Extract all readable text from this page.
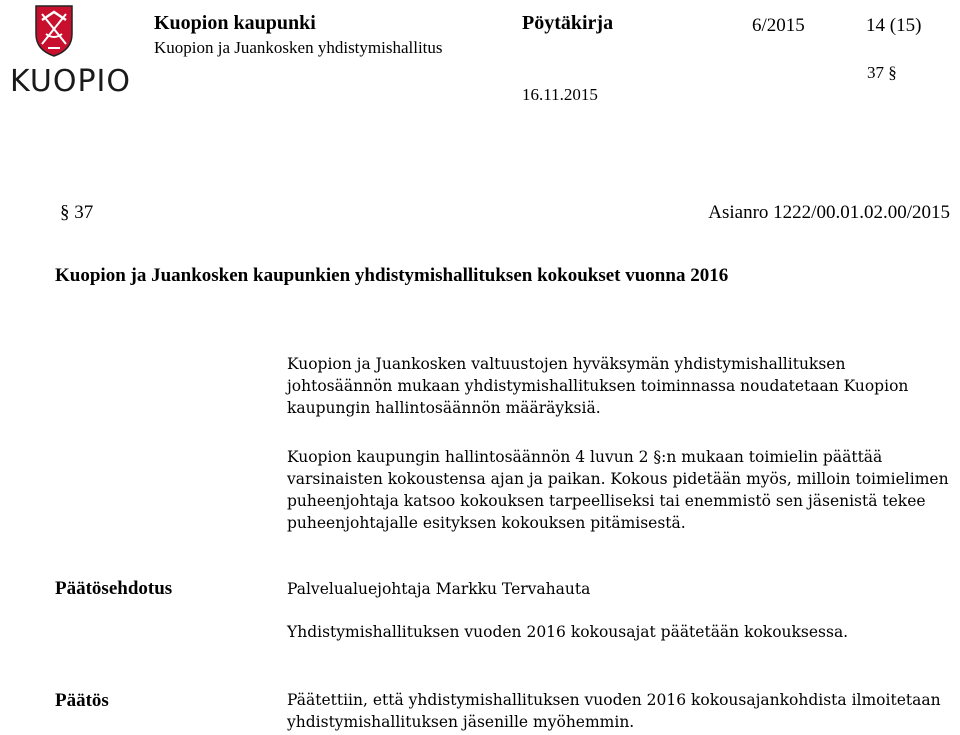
KUOPIO
Kuopion kaupunki	Pöytäkirja	6/2015	14 (15)
Kuopion ja Juankosken yhdistymishallitus
37 §
16.11.2015
§ 37	Asianro 1222/00.01.02.00/2015
Kuopion ja Juankosken kaupunkien yhdistymishallituksen kokoukset vuonna 2016

Kuopion ja Juankosken valtuustojen hyväksymän yhdistymishallituksen johtosäännön mukaan yhdistymishallituksen toiminnassa noudatetaan Kuopion kaupungin hallintosäännön määräyksiä.

Kuopion kaupungin hallintosäännön 4 luvun 2 §:n mukaan toimielin päättää varsinaisten kokoustensa ajan ja paikan. Kokous pidetään myös, milloin toimielimen puheenjohtaja katsoo kokouksen tarpeelliseksi tai enemmistö sen jäsenistä tekee puheenjohtajalle esityksen kokouksen pitämisestä.

Päätösehdotus	Palvelualuejohtaja Markku Tervahauta
Yhdistymishallituksen vuoden 2016 kokousajat päätetään kokouksessa.
Päätös	Päätettiin, että yhdistymishallituksen vuoden 2016 kokousajankohdista ilmoitetaan yhdistymishallituksen jäsenille myöhemmin.
